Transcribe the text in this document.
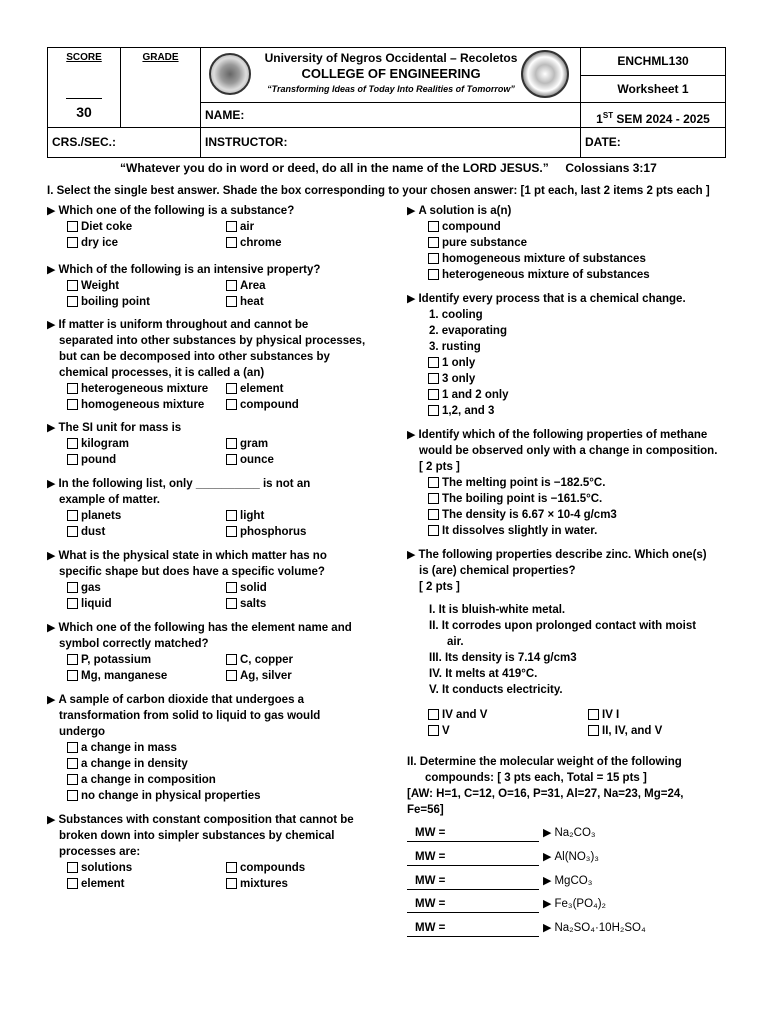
SCORE
30
GRADE	University of Negros Occidental – Recoletos
COLLEGE OF ENGINEERING
“Transforming Ideas of Today Into Realities of Tomorrow”
ENCHML130
Worksheet 1
NAME:	1ST SEM 2024 - 2025
CRS./SEC.:	INSTRUCTOR:	DATE:
“Whatever you do in word or deed, do all in the name of the LORD JESUS.”     Colossians 3:17
I. Select the single best answer. Shade the box corresponding to your chosen answer: [1 pt each, last 2 items 2 pts each ]
▶ Which one of the following is a substance?
Diet coke	air
dry ice	chrome
▶ Which of the following is an intensive property?
Weight	Area
boiling point	heat
▶ If matter is uniform throughout and cannot be
separated into other substances by physical processes,
but can be decomposed into other substances by
chemical processes, it is called a (an)
heterogeneous mixture	element
homogeneous mixture	compound
▶ The SI unit for mass is
kilogram	gram
pound	ounce
▶ In the following list, only __________ is not an
example of matter.
planets	light
dust	phosphorus
▶ What is the physical state in which matter has no
specific shape but does have a specific volume?
gas	solid
liquid	salts
▶ Which one of the following has the element name and
symbol correctly matched?
P, potassium	C, copper
Mg, manganese	Ag, silver
▶ A sample of carbon dioxide that undergoes a
transformation from solid to liquid to gas would
undergo
a change in mass
a change in density
a change in composition
no change in physical properties
▶ Substances with constant composition that cannot be
broken down into simpler substances by chemical
processes are:
solutions	compounds
element	mixtures
▶ A solution is a(n)
compound
pure substance
homogeneous mixture of substances
heterogeneous mixture of substances
▶ Identify every process that is a chemical change.
1. cooling
2. evaporating
3. rusting
1 only
3 only
1 and 2 only
1,2, and 3
▶ Identify which of the following properties of methane
would be observed only with a change in composition.
[ 2 pts ]
The melting point is −182.5°C.
The boiling point is −161.5°C.
The density is 6.67 × 10-4 g/cm3
It dissolves slightly in water.
▶ The following properties describe zinc. Which one(s)
is (are) chemical properties?
[ 2 pts ]
I. It is bluish-white metal.
II. It corrodes upon prolonged contact with moist
air.
III. Its density is 7.14 g/cm3
IV. It melts at 419°C.
V. It conducts electricity.
IV and V	IV I
V	II, IV, and V
II. Determine the molecular weight of the following
compounds: [ 3 pts each, Total = 15 pts ]
[AW: H=1, C=12, O=16, P=31, Al=27, Na=23, Mg=24,
Fe=56]
MW =	▶ Na₂CO₃
MW =	▶ Al(NO₃)₃
MW =	▶ MgCO₃
MW =	▶ Fe₃(PO₄)₂
MW =	▶ Na₂SO₄·10H₂SO₄
